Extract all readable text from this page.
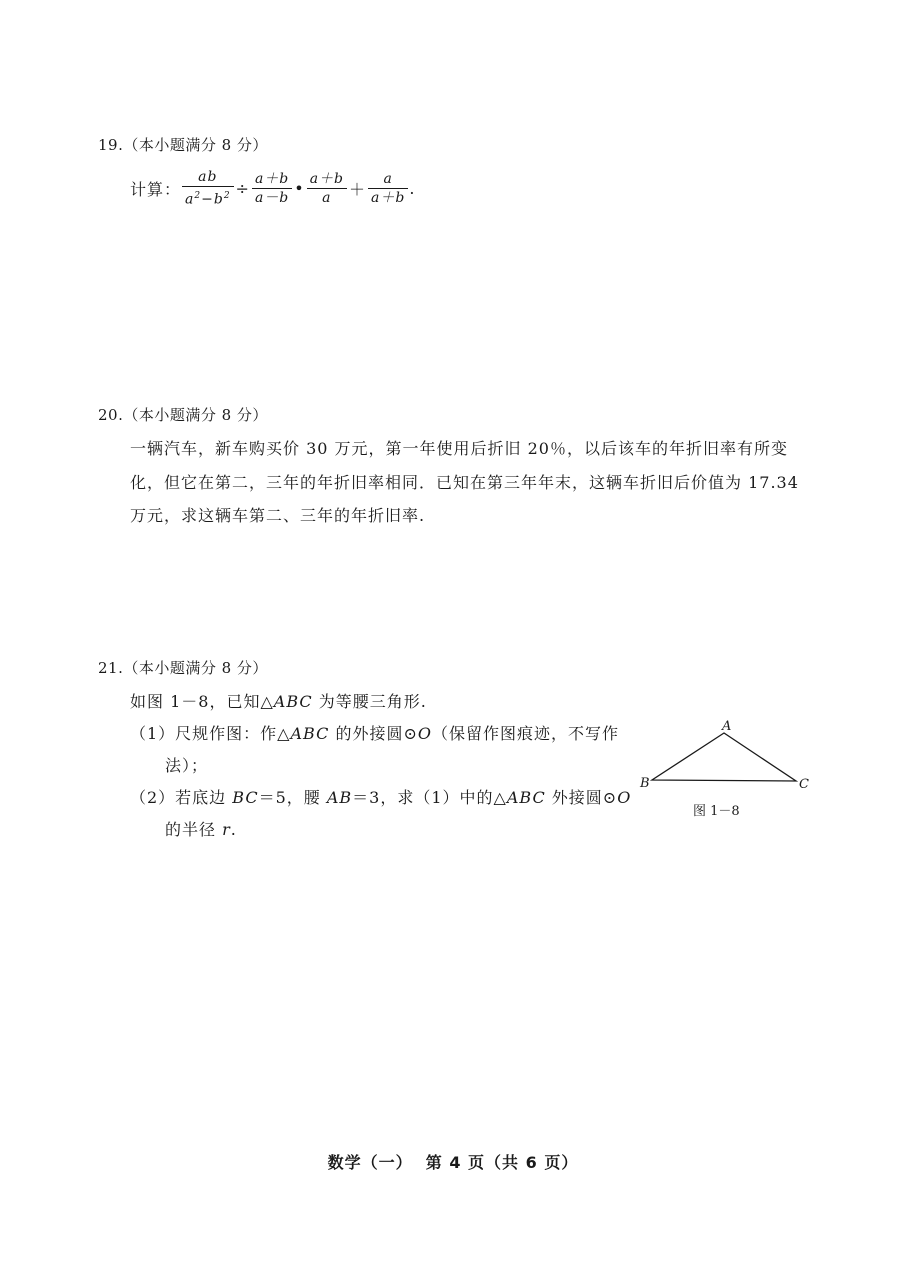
19.（本小题满分 8 分）
计算： $\frac{ab}{a^2-b^2} \div \frac{a+b}{a-b}$ • $\frac{a+b}{a} + \frac{a}{a+b}$ .
20.（本小题满分 8 分）
一辆汽车，新车购买价 30 万元，第一年使用后折旧 20％，以后该车的年折旧率有所变
化，但它在第二，三年的年折旧率相同．已知在第三年年末，这辆车折旧后价值为 17.34
万元，求这辆车第二、三年的年折旧率.
21.（本小题满分 8 分）
如图 1－8，已知△ABC 为等腰三角形.
（1）尺规作图：作△ABC 的外接圆⊙O（保留作图痕迹，不写作
法）；
（2）若底边 BC＝5，腰 AB＝3，求（1）中的△ABC 外接圆⊙O
的半径 r.
A
B	C
图 1－8
数学（一）  第 4 页（共 6 页）
